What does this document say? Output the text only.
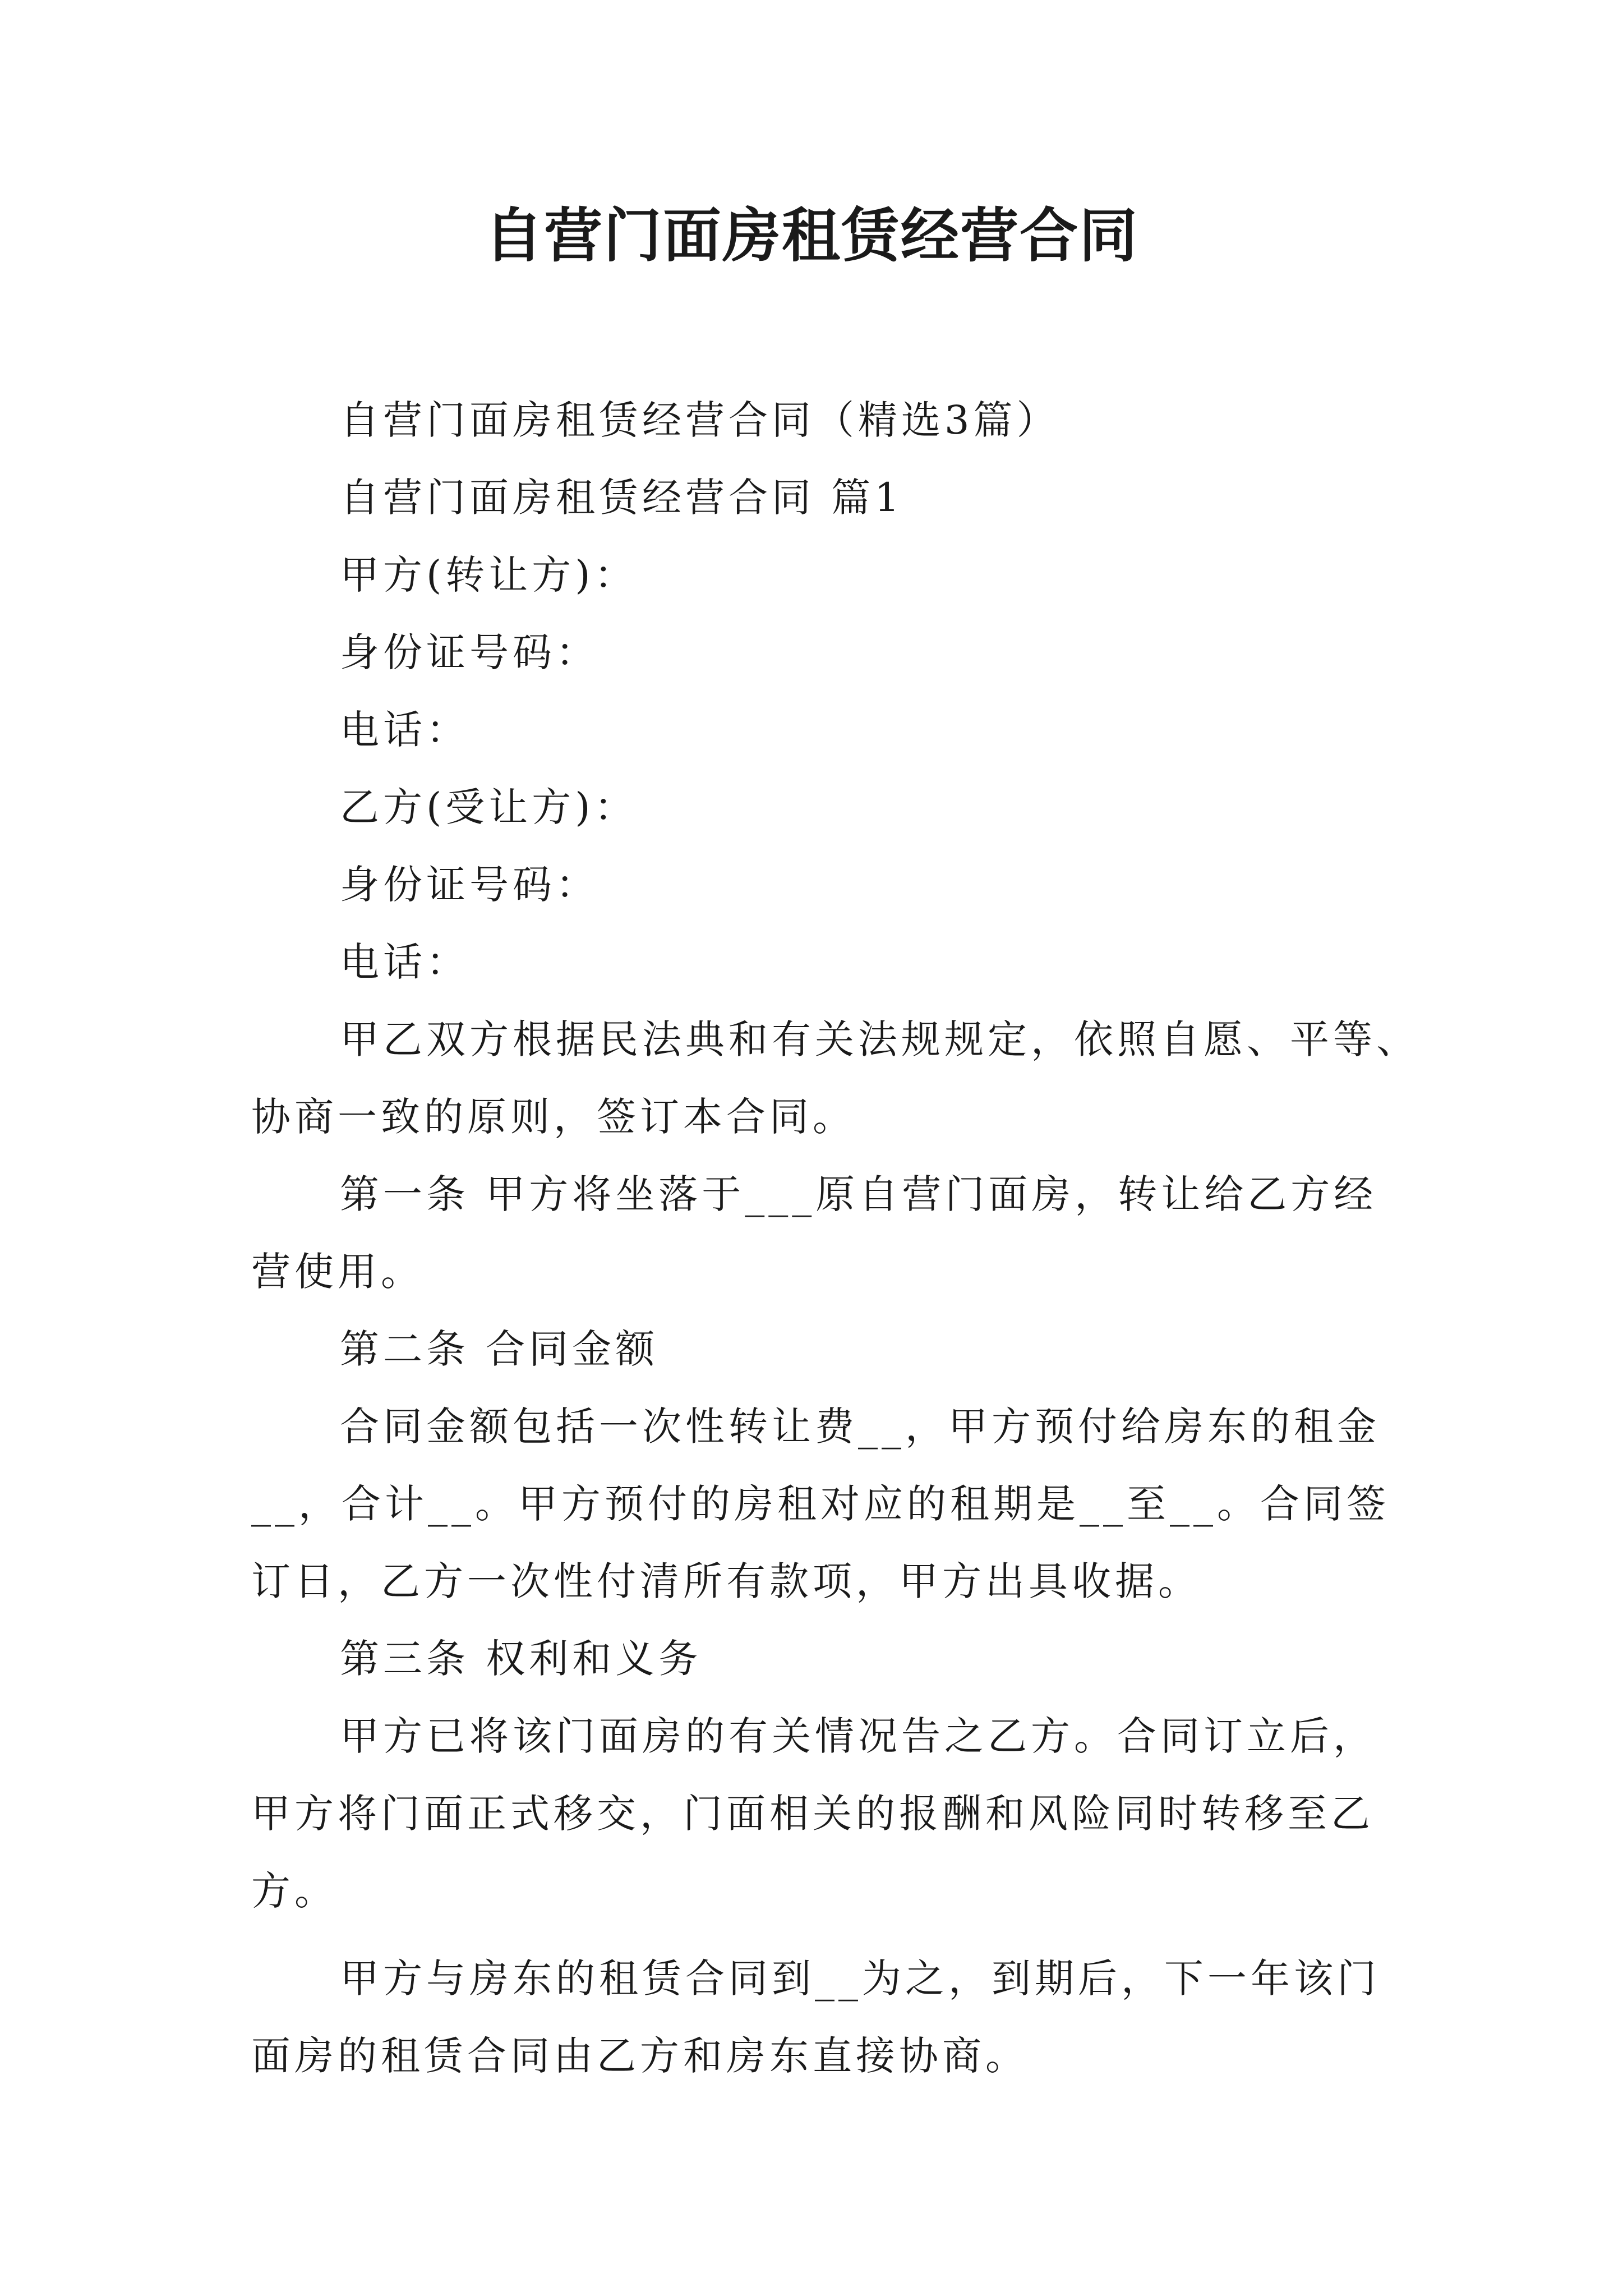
自营门面房租赁经营合同

自营门面房租赁经营合同（精选3篇）

自营门面房租赁经营合同 篇1

甲方(转让方)：

身份证号码：

电话：

乙方(受让方)：

身份证号码：

电话：

甲乙双方根据民法典和有关法规规定，依照自愿、平等、

协商一致的原则，签订本合同。

第一条 甲方将坐落于___原自营门面房，转让给乙方经

营使用。

第二条 合同金额

合同金额包括一次性转让费__，甲方预付给房东的租金

__，合计__。甲方预付的房租对应的租期是__至__。合同签

订日，乙方一次性付清所有款项，甲方出具收据。

第三条 权利和义务

甲方已将该门面房的有关情况告之乙方。合同订立后，

甲方将门面正式移交，门面相关的报酬和风险同时转移至乙

方。

甲方与房东的租赁合同到__为之，到期后，下一年该门

面房的租赁合同由乙方和房东直接协商。
